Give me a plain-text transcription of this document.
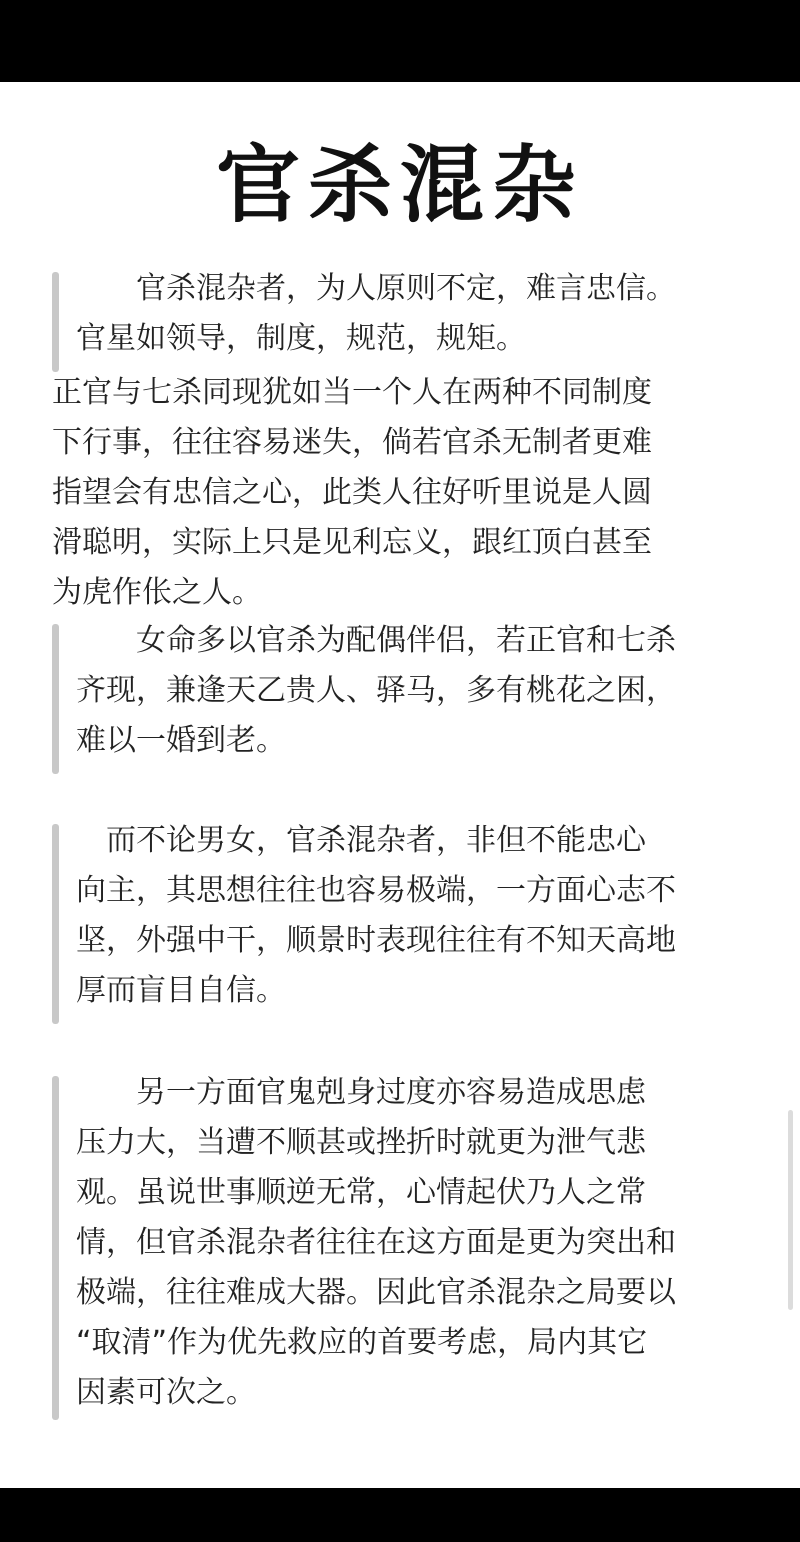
官杀混杂

　　官杀混杂者，为人原则不定，难言忠信。
官星如领导，制度，规范，规矩。

正官与七杀同现犹如当一个人在两种不同制度
下行事，往往容易迷失，倘若官杀无制者更难
指望会有忠信之心，此类人往好听里说是人圆
滑聪明，实际上只是见利忘义，跟红顶白甚至
为虎作伥之人。

　　女命多以官杀为配偶伴侣，若正官和七杀
齐现，兼逢天乙贵人、驿马，多有桃花之困，
难以一婚到老。

　而不论男女，官杀混杂者，非但不能忠心
向主，其思想往往也容易极端，一方面心志不
坚，外强中干，顺景时表现往往有不知天高地
厚而盲目自信。

　　另一方面官鬼剋身过度亦容易造成思虑
压力大，当遭不顺甚或挫折时就更为泄气悲
观。虽说世事顺逆无常，心情起伏乃人之常
情，但官杀混杂者往往在这方面是更为突出和
极端，往往难成大器。因此官杀混杂之局要以
“取清”作为优先救应的首要考虑，局内其它
因素可次之。
